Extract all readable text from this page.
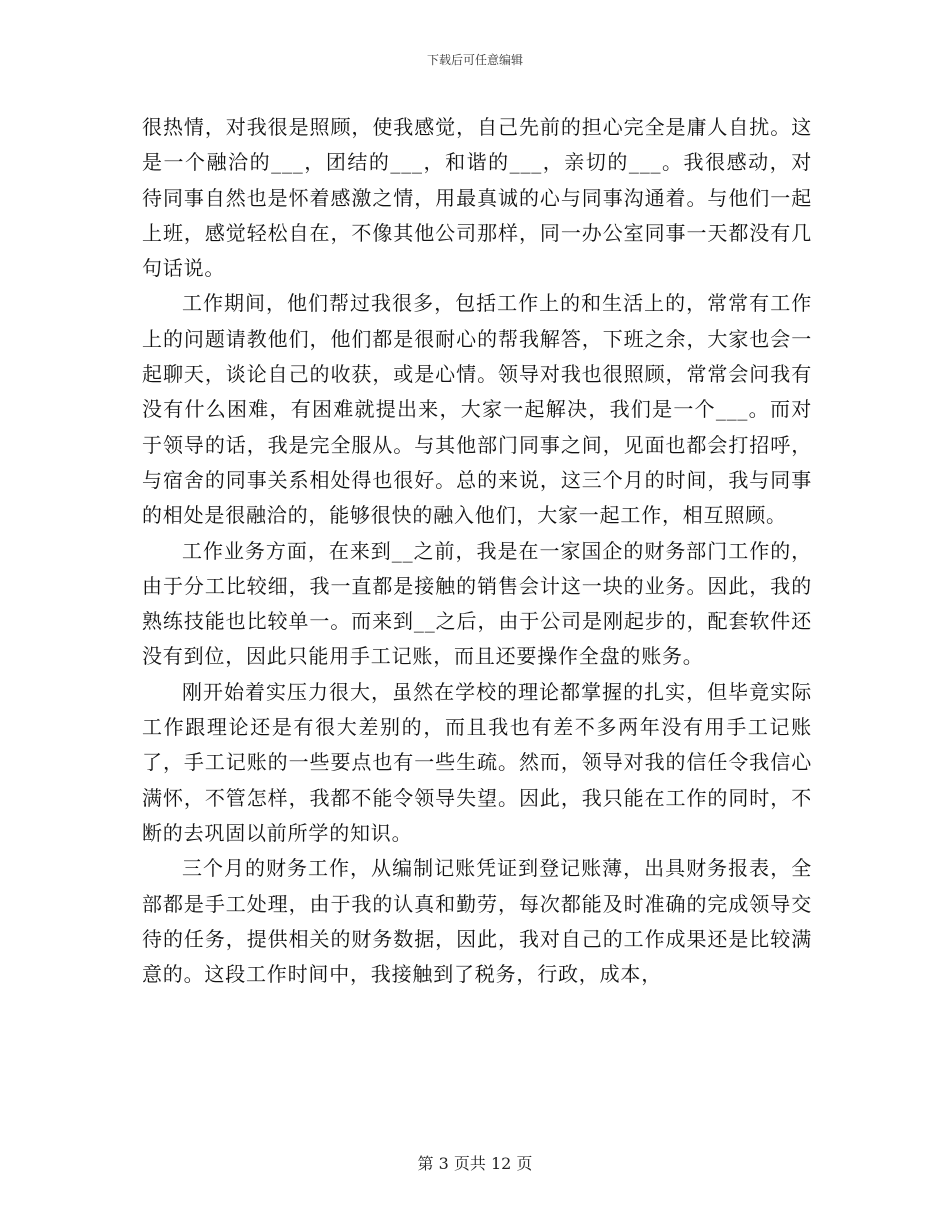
下载后可任意编辑

很热情，对我很是照顾，使我感觉，自己先前的担心完全是庸人自扰。这是一个融洽的___，团结的___，和谐的___，亲切的___。我很感动，对待同事自然也是怀着感激之情，用最真诚的心与同事沟通着。与他们一起上班，感觉轻松自在，不像其他公司那样，同一办公室同事一天都没有几句话说。

工作期间，他们帮过我很多，包括工作上的和生活上的，常常有工作上的问题请教他们，他们都是很耐心的帮我解答，下班之余，大家也会一起聊天，谈论自己的收获，或是心情。领导对我也很照顾，常常会问我有没有什么困难，有困难就提出来，大家一起解决，我们是一个___。而对于领导的话，我是完全服从。与其他部门同事之间，见面也都会打招呼，与宿舍的同事关系相处得也很好。总的来说，这三个月的时间，我与同事的相处是很融洽的，能够很快的融入他们，大家一起工作，相互照顾。

工作业务方面，在来到__之前，我是在一家国企的财务部门工作的，由于分工比较细，我一直都是接触的销售会计这一块的业务。因此，我的熟练技能也比较单一。而来到__之后，由于公司是刚起步的，配套软件还没有到位，因此只能用手工记账，而且还要操作全盘的账务。

刚开始着实压力很大，虽然在学校的理论都掌握的扎实，但毕竟实际工作跟理论还是有很大差别的，而且我也有差不多两年没有用手工记账了，手工记账的一些要点也有一些生疏。然而，领导对我的信任令我信心满怀，不管怎样，我都不能令领导失望。因此，我只能在工作的同时，不断的去巩固以前所学的知识。

三个月的财务工作，从编制记账凭证到登记账薄，出具财务报表，全部都是手工处理，由于我的认真和勤劳，每次都能及时准确的完成领导交待的任务，提供相关的财务数据，因此，我对自己的工作成果还是比较满意的。这段工作时间中，我接触到了税务，行政，成本，

第 3 页共 12 页
